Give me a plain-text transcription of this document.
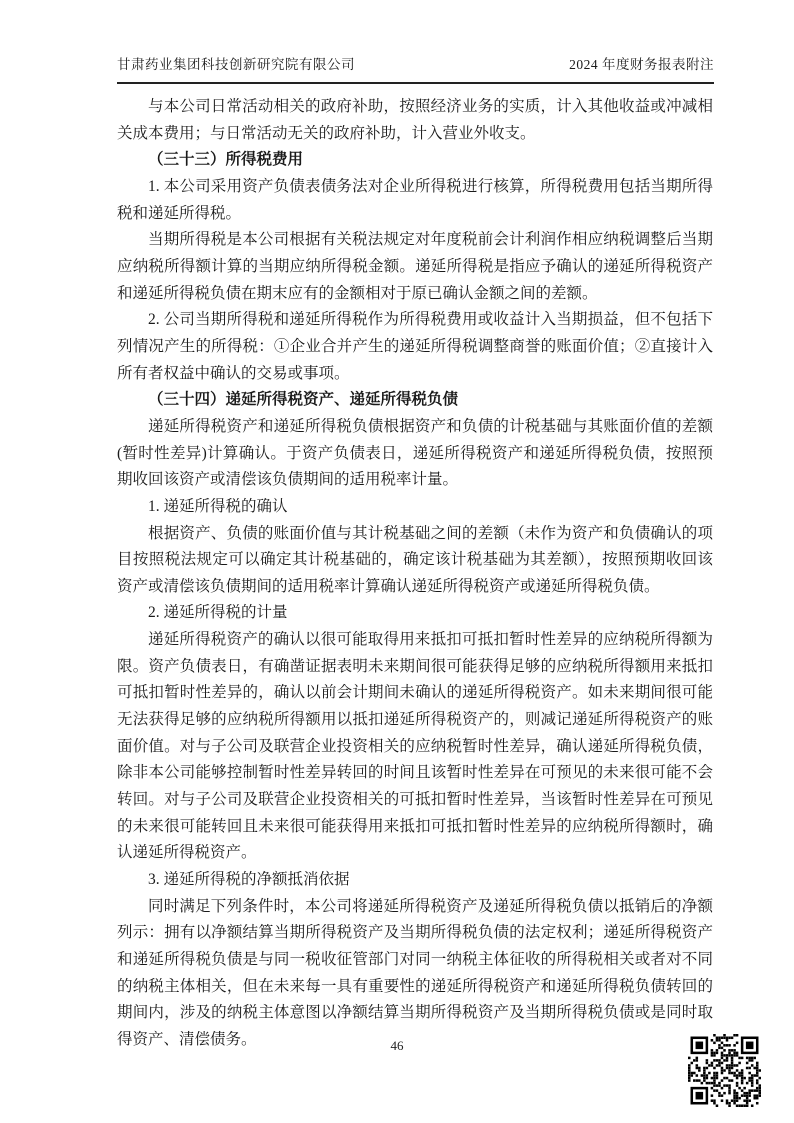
甘肃药业集团科技创新研究院有限公司	2024 年度财务报表附注

与本公司日常活动相关的政府补助，按照经济业务的实质，计入其他收益或冲减相关成本费用；与日常活动无关的政府补助，计入营业外收支。

（三十三）所得税费用

1. 本公司采用资产负债表债务法对企业所得税进行核算，所得税费用包括当期所得税和递延所得税。

当期所得税是本公司根据有关税法规定对年度税前会计利润作相应纳税调整后当期应纳税所得额计算的当期应纳所得税金额。递延所得税是指应予确认的递延所得税资产和递延所得税负债在期末应有的金额相对于原已确认金额之间的差额。

2. 公司当期所得税和递延所得税作为所得税费用或收益计入当期损益，但不包括下列情况产生的所得税：①企业合并产生的递延所得税调整商誉的账面价值；②直接计入所有者权益中确认的交易或事项。

（三十四）递延所得税资产、递延所得税负债

递延所得税资产和递延所得税负债根据资产和负债的计税基础与其账面价值的差额(暂时性差异)计算确认。于资产负债表日，递延所得税资产和递延所得税负债，按照预期收回该资产或清偿该负债期间的适用税率计量。

1. 递延所得税的确认

根据资产、负债的账面价值与其计税基础之间的差额（未作为资产和负债确认的项目按照税法规定可以确定其计税基础的，确定该计税基础为其差额），按照预期收回该资产或清偿该负债期间的适用税率计算确认递延所得税资产或递延所得税负债。

2. 递延所得税的计量

递延所得税资产的确认以很可能取得用来抵扣可抵扣暂时性差异的应纳税所得额为限。资产负债表日，有确凿证据表明未来期间很可能获得足够的应纳税所得额用来抵扣可抵扣暂时性差异的，确认以前会计期间未确认的递延所得税资产。如未来期间很可能无法获得足够的应纳税所得额用以抵扣递延所得税资产的，则减记递延所得税资产的账面价值。对与子公司及联营企业投资相关的应纳税暂时性差异，确认递延所得税负债，除非本公司能够控制暂时性差异转回的时间且该暂时性差异在可预见的未来很可能不会转回。对与子公司及联营企业投资相关的可抵扣暂时性差异，当该暂时性差异在可预见的未来很可能转回且未来很可能获得用来抵扣可抵扣暂时性差异的应纳税所得额时，确认递延所得税资产。

3. 递延所得税的净额抵消依据

同时满足下列条件时，本公司将递延所得税资产及递延所得税负债以抵销后的净额列示：拥有以净额结算当期所得税资产及当期所得税负债的法定权利；递延所得税资产和递延所得税负债是与同一税收征管部门对同一纳税主体征收的所得税相关或者对不同的纳税主体相关，但在未来每一具有重要性的递延所得税资产和递延所得税负债转回的期间内，涉及的纳税主体意图以净额结算当期所得税资产及当期所得税负债或是同时取得资产、清偿债务。	46
